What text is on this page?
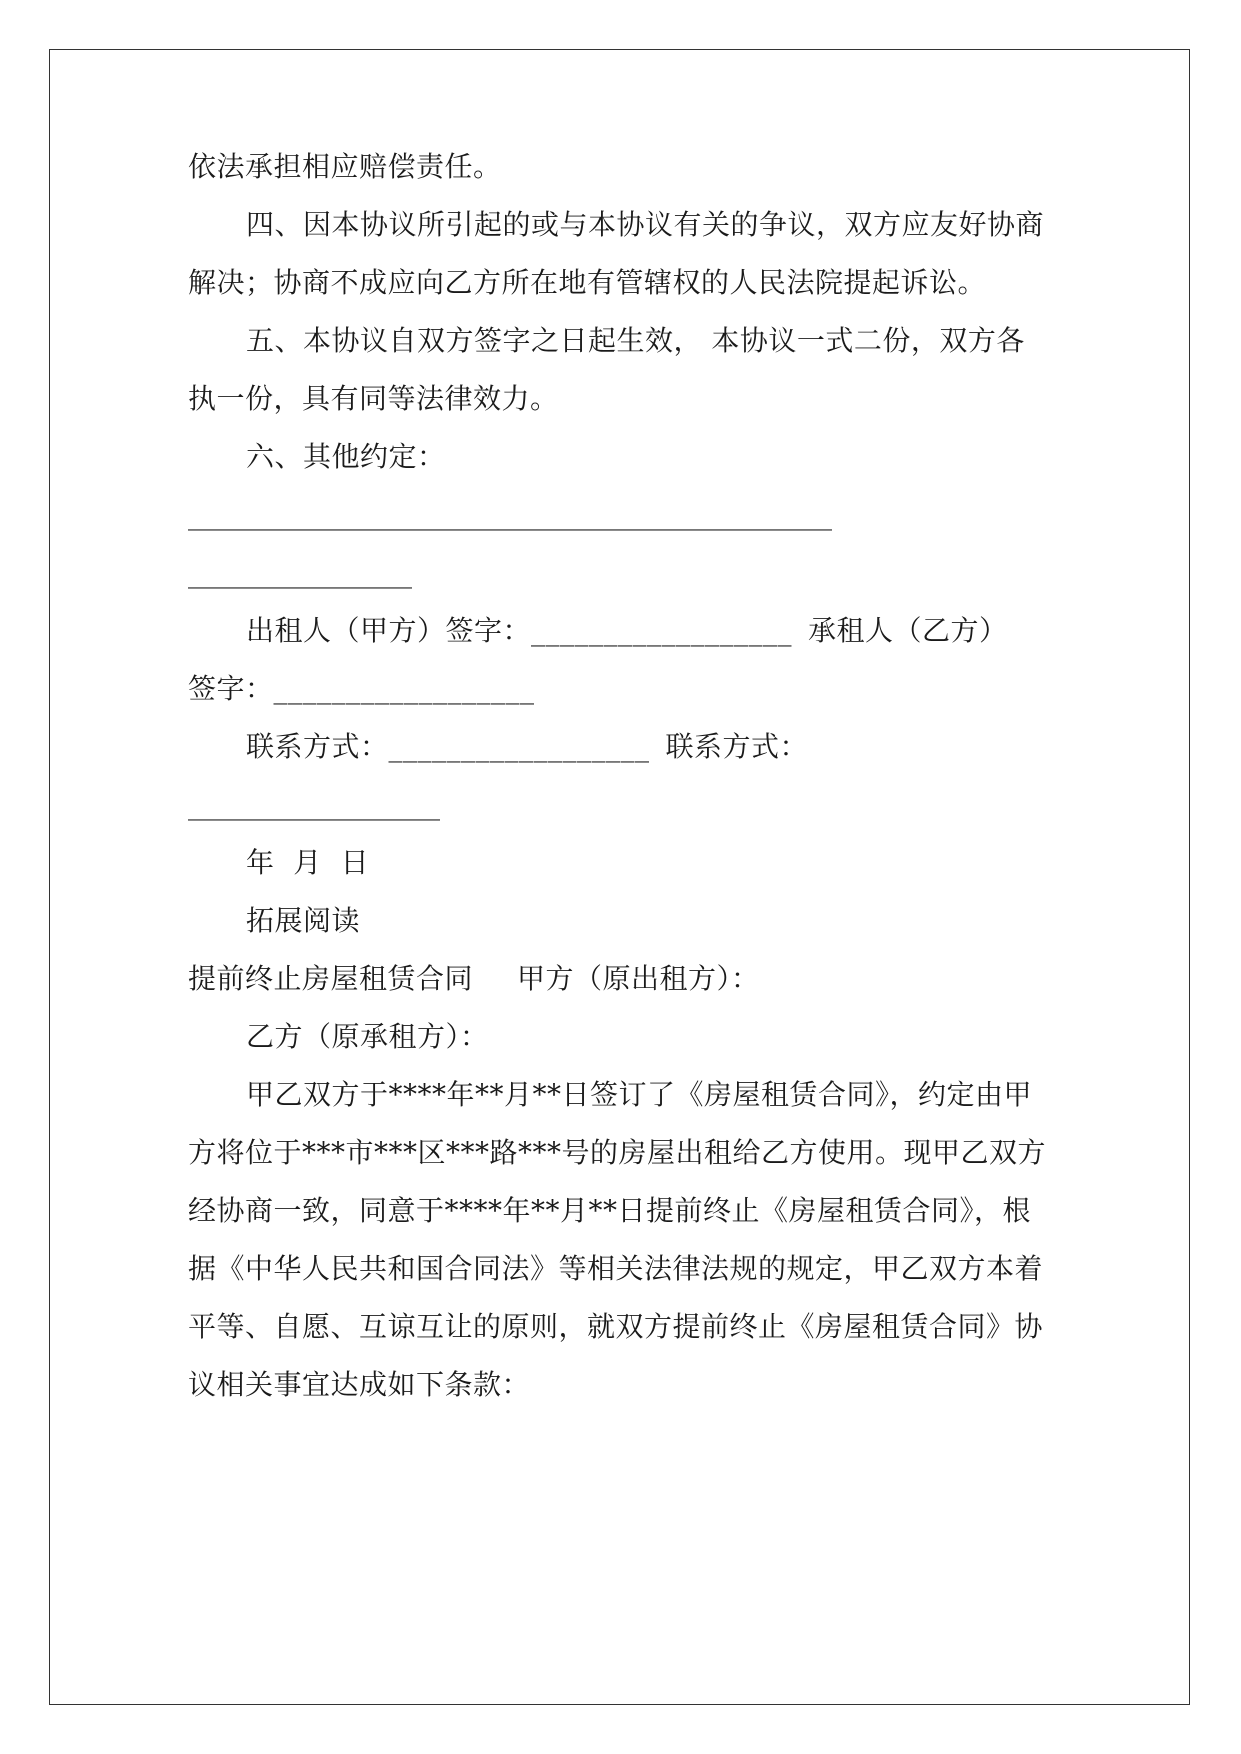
依法承担相应赔偿责任。
四、因本协议所引起的或与本协议有关的争议，双方应友好协商
解决；协商不成应向乙方所在地有管辖权的人民法院提起诉讼。
五、本协议自双方签字之日起生效， 本协议一式二份，双方各
执一份，具有同等法律效力。
六、其他约定：
______________________________________________
________________
出租人（甲方）签字：__________________ 承租人（乙方）
签字：__________________
联系方式：__________________ 联系方式：
__________________
年  月  日
拓展阅读
提前终止房屋租赁合同 甲方（原出租方）：
乙方（原承租方）：
甲乙双方于****年**月**日签订了《房屋租赁合同》，约定由甲
方将位于***市***区***路***号的房屋出租给乙方使用。现甲乙双方
经协商一致，同意于****年**月**日提前终止《房屋租赁合同》，根
据《中华人民共和国合同法》等相关法律法规的规定，甲乙双方本着
平等、自愿、互谅互让的原则，就双方提前终止《房屋租赁合同》协
议相关事宜达成如下条款：
